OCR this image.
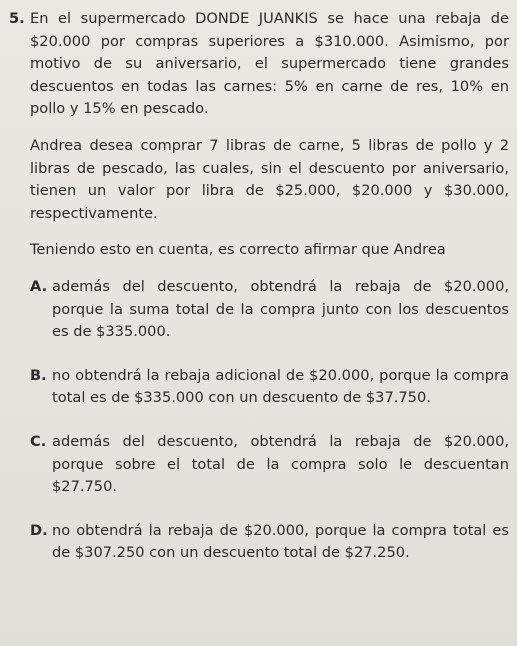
5. En el supermercado DONDE JUANKIS se hace una rebaja de $20.000 por compras superiores a $310.000. Asimismo, por motivo de su aniversario, el supermercado tiene grandes descuentos en todas las carnes: 5% en carne de res, 10% en pollo y 15% en pescado.

Andrea desea comprar 7 libras de carne, 5 libras de pollo y 2 libras de pescado, las cuales, sin el descuento por aniversario, tienen un valor por libra de $25.000, $20.000 y $30.000, respectivamente.

Teniendo esto en cuenta, es correcto afirmar que Andrea

A. además del descuento, obtendrá la rebaja de $20.000, porque la suma total de la compra junto con los descuentos es de $335.000.
B. no obtendrá la rebaja adicional de $20.000, porque la compra total es de $335.000 con un descuento de $37.750.
C. además del descuento, obtendrá la rebaja de $20.000, porque sobre el total de la compra solo le descuentan $27.750.
D. no obtendrá la rebaja de $20.000, porque la compra total es de $307.250 con un descuento total de $27.250.
